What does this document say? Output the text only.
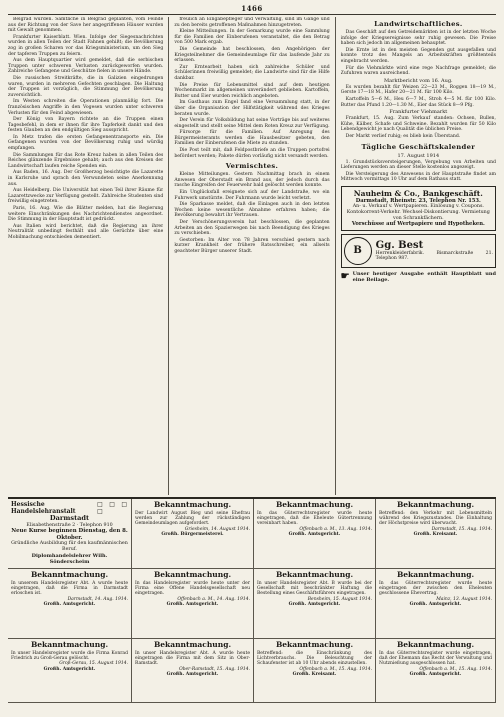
1466

Belgrad wurden. Sämtliche in Belgrad geplanten, vom Feinde aus der Richtung von der Save her angegriffenen Häuser wurden mit Gewalt genommen.

Frankfurter Kaiserblatt. Wien. Infolge der Siegesnachrichten wurden in allen Teilen der Stadt Fahnen gehißt; die Bevölkerung zog in großen Scharen vor das Kriegsministerium, um den Sieg der tapferen Truppen zu feiern.

Aus dem Hauptquartier wird gemeldet, daß die serbischen Truppen unter schweren Verlusten zurückgeworfen wurden. Zahlreiche Gefangene und Geschütze fielen in unsere Hände.

Die russischen Streitkräfte, die in Galizien eingedrungen waren, wurden in mehreren Gefechten geschlagen. Die Haltung der Truppen ist vorzüglich, die Stimmung der Bevölkerung zuversichtlich.

Im Westen schreiten die Operationen planmäßig fort. Die französischen Angriffe in den Vogesen wurden unter schweren Verlusten für den Feind abgewiesen.

Der König von Bayern richtete an die Truppen einen Tagesbefehl, in dem er ihnen für ihre Tapferkeit dankt und den festen Glauben an den endgültigen Sieg ausspricht.

In Metz trafen die ersten Gefangenentransporte ein. Die Gefangenen wurden von der Bevölkerung ruhig und würdig empfangen.

Die Sammlungen für das Rote Kreuz haben in allen Teilen des Reiches glänzende Ergebnisse gehabt; auch aus den Kreisen der Landwirtschaft laufen reiche Spenden ein.

Aus Baden, 16. Aug. Der Großherzog besichtigte die Lazarette in Karlsruhe und sprach den Verwundeten seine Anerkennung aus.

Aus Heidelberg. Die Universität hat einen Teil ihrer Räume für Lazarettzwecke zur Verfügung gestellt. Zahlreiche Studenten sind freiwillig eingetreten.

Paris, 16. Aug. Wie die Blätter melden, hat die Regierung weitere Einschränkungen des Nachrichtendienstes angeordnet. Die Stimmung in der Hauptstadt ist gedrückt.

Aus Italien wird berichtet, daß die Regierung an ihrer Neutralität unbedingt festhält und alle Gerüchte über eine Mobilmachung entschieden dementiert.

freulich an Eingabepfleger und Verwaltung, sind im Gange und zu den bereits getroffenen Maßnahmen hinzugetreten.

Kleine Mitteilungen. In der Gemarkung wurde eine Sammlung für die Familien der Einberufenen veranstaltet, die den Betrag von 500 Mark ergab.

Die Gemeinde hat beschlossen, den Angehörigen der Kriegsteilnehmer die Gemeindeumlage für das laufende Jahr zu erlassen.

Zur Erntearbeit haben sich zahlreiche Schüler und Schülerinnen freiwillig gemeldet; die Landwirte sind für die Hilfe dankbar.

Die Preise für Lebensmittel sind auf dem heutigen Wochenmarkt im allgemeinen unverändert geblieben. Kartoffeln, Butter und Eier wurden reichlich angeboten.

Im Gasthaus zum Engel fand eine Versammlung statt, in der über die Organisation der Hilfstätigkeit während des Krieges beraten wurde.

Der Verein für Volksbildung hat seine Vorträge bis auf weiteres eingestellt und stellt seine Mittel dem Roten Kreuz zur Verfügung.

Fürsorge für die Familien. Auf Anregung des Bürgermeisteramts werden die Hausbesitzer gebeten, den Familien der Einberufenen die Miete zu stunden.

Die Post teilt mit, daß Feldpostbriefe an die Truppen portofrei befördert werden; Pakete dürfen vorläufig nicht versandt werden.

Vermischtes.

Kleine Mitteilungen. Gestern Nachmittag brach in einem Anwesen der Oberstadt ein Brand aus, der jedoch durch das rasche Eingreifen der Feuerwehr bald gelöscht werden konnte.

Ein Unglücksfall ereignete sich auf der Landstraße, wo ein Fuhrwerk umstürzte. Der Fuhrmann wurde leicht verletzt.

Die Sparkasse meldet, daß die Einlagen auch in den letzten Wochen keine wesentliche Abnahme erfahren haben; die Bevölkerung bewahrt ihr Vertrauen.

Der Verschönerungsverein hat beschlossen, die geplanten Arbeiten an den Spazierwegen bis nach Beendigung des Krieges zu verschieben.

Gestorben: Im Alter von 78 Jahren verschied gestern nach kurzer Krankheit der frühere Ratsschreiber, ein allseits geachteter Bürger unserer Stadt.

Landwirtschaftliches.

Das Geschäft auf den Getreidemärkten ist in der letzten Woche infolge der Kriegsereignisse sehr ruhig gewesen. Die Preise haben sich jedoch im allgemeinen behauptet.

Die Ernte ist in den meisten Gegenden gut ausgefallen und konnte trotz des Mangels an Arbeitskräften größtenteils eingebracht werden.

Für die Viehmärkte wird eine rege Nachfrage gemeldet; die Zufuhren waren ausreichend.

Marktbericht vom 16. Aug.

Es wurden bezahlt für Weizen 22—23 M., Roggen 18—19 M., Gerste 17—18 M., Hafer 20—21 M. für 100 Kilo.

Kartoffeln 5—6 M., Heu 6—7 M., Stroh 4—5 M. für 100 Kilo. Butter das Pfund 1.20—1.30 M., Eier das Stück 8—9 Pfg.

Frankfurter Viehmarkt

Frankfurt, 15. Aug. Zum Verkauf standen: Ochsen, Bullen, Kühe, Kälber, Schafe und Schweine. Bezahlt wurden für 50 Kilo Lebendgewicht je nach Qualität die üblichen Preise.

Der Markt verlief ruhig; es blieb kein Überstand.

Tägliche Geschäftskalender
17. August 1914

1. Grundstücksversteigerungen, Vergebung von Arbeiten und Lieferungen werden an dieser Stelle kostenlos angezeigt.

Die Versteigerung des Anwesens in der Hauptstraße findet am Mittwoch vormittags 10 Uhr auf dem Rathaus statt.

Nauheim & Co., Bankgeschäft.
Darmstadt, Rheinstr. 23, Telephon Nr. 153.
An- u. Verkauf v. Wertpapieren. Einlösung v. Coupons. Kontokorrent-Verkehr. Wechsel-Diskontierung. Vermietung von Schrankfächern.
Vorschüsse auf Wertpapiere und Hypotheken.
B	Gg. Best
Herrenkleiderfabrik. Bismarckstraße 21. Telephon 987.
☛ Unser heutiger Ausgabe enthält Hauptblatt und eine Beilage.
Hessische Handelslehranstalt
□ □ □ □
Darmstadt
Elisabethenstraße 2 · Telephon 910
Neue Kurse beginnen Dienstag, den 8. Oktober.
Gründliche Ausbildung für den kaufmännischen Beruf.
Diplomhandelslehrer Wilh. Sönderscheim
Bekanntmachung.
Der Landwirt August Bieg und seine Ehefrau werden zur Zahlung der rückständigen Gemeindeumlagen aufgefordert.
Griesheim, 14. August 1914.
Großh. Bürgermeisterei.
Bekanntmachung.
In das Güterrechtsregister wurde heute eingetragen, daß die Eheleute Gütertrennung vereinbart haben.
Offenbach a. M., 13. Aug. 1914.
Großh. Amtsgericht.
Bekanntmachung.
Betreffend: den Verkehr mit Lebensmitteln während des Kriegszustandes. Die Einhaltung der Höchstpreise wird überwacht.
Darmstadt, 15. Aug. 1914.
Großh. Kreisamt.
Bekanntmachung.
In unserem Handelsregister Abt. A wurde heute eingetragen, daß die Firma in Darmstadt erloschen ist.
Darmstadt, 14. Aug. 1914.
Großh. Amtsgericht.
Bekanntmachung.
In das Handelsregister wurde heute unter der Firma eine Offene Handelsgesellschaft neu eingetragen.
Offenbach a. M., 14. Aug. 1914.
Großh. Amtsgericht.
Bekanntmachung.
In unser Handelsregister Abt. B wurde bei der Gesellschaft mit beschränkter Haftung die Bestellung eines Geschäftsführers eingetragen.
Bensheim, 15. August 1914.
Großh. Amtsgericht.
Bekanntmachung.
In das Güterrechtsregister wurde heute eingetragen der zwischen den Eheleuten geschlossene Ehevertrag.
Mainz, 13. August 1914.
Großh. Amtsgericht.
Bekanntmachung.
In unser Handelsregister wurde die Firma Konrad Friedrich zu Groß-Gerau gelöscht.
Groß-Gerau, 15. August 1914.
Großh. Amtsgericht.
Bekanntmachung.
In unser Handelsregister Abt. A wurde heute eingetragen die Firma mit dem Sitz in Ober-Ramstadt.
Ober-Ramstadt, 15. Aug. 1914.
Großh. Amtsgericht.
Bekanntmachung.
Betreffend: die Einschränkung des Lichtverbrauchs. Die Beleuchtung der Schaufenster ist ab 10 Uhr abends einzustellen.
Offenbach a. M., 15. Aug. 1914.
Großh. Kreisamt.
Bekanntmachung.
In das Güterrechtsregister wurde eingetragen, daß der Ehemann das Recht der Verwaltung und Nutznießung ausgeschlossen hat.
Offenbach a. M., 15. Aug. 1914.
Großh. Amtsgericht.
